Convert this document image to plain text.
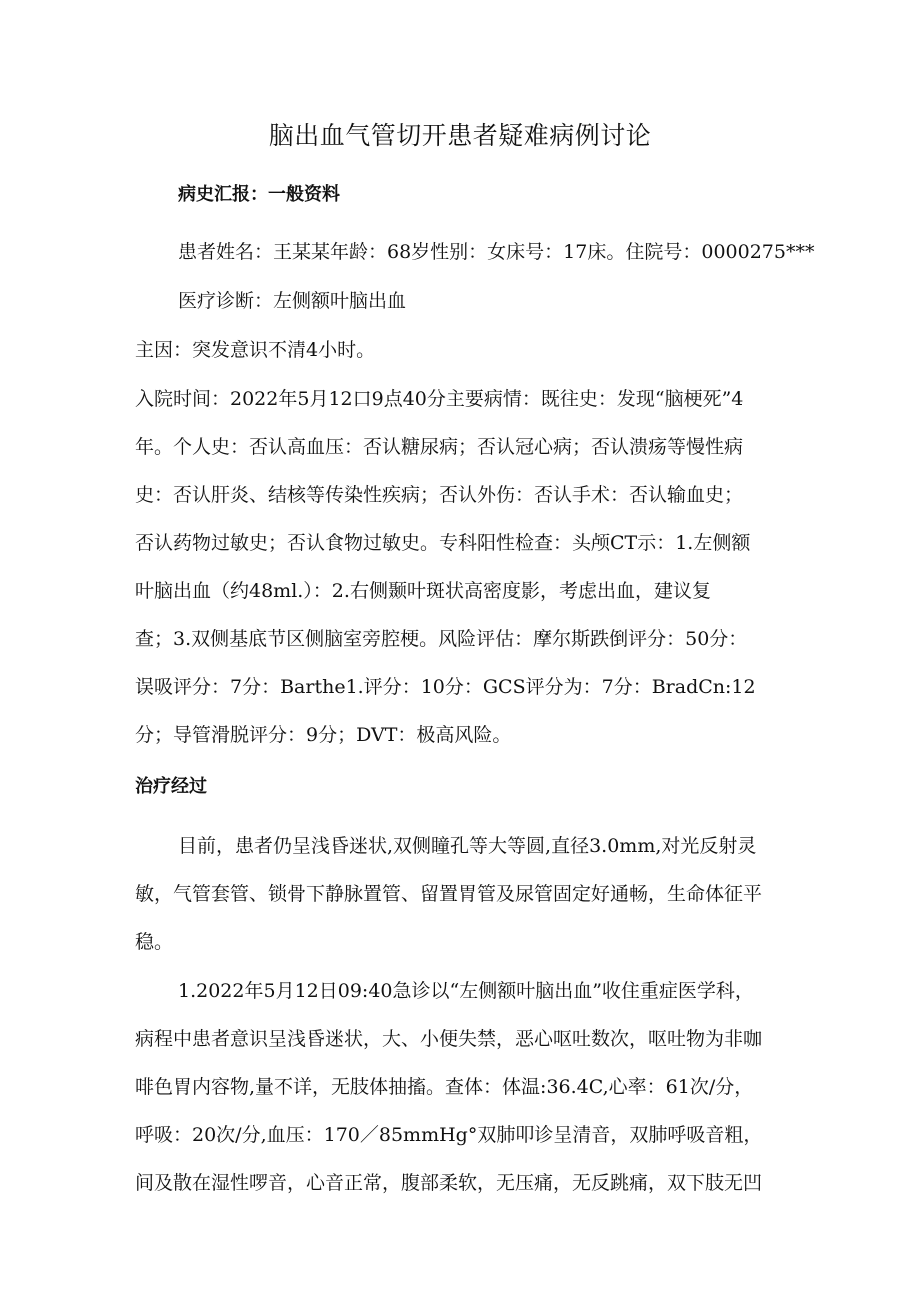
脑出血气管切开患者疑难病例讨论
病史汇报：一般资料

患者姓名：王某某年龄：68岁性别：女床号：17床。住院号：0000275***

医疗诊断：左侧额叶脑出血

主因：突发意识不清4小时。

入院时间：2022年5月12口9点40分主要病情：既往史：发现“脑梗死”4

年。个人史：否认高血压：否认糖尿病；否认冠心病；否认溃疡等慢性病

史：否认肝炎、结核等传染性疾病；否认外伤：否认手术：否认输血史；

否认药物过敏史；否认食物过敏史。专科阳性检查：头颅CT示：1.左侧额

叶脑出血（约48ml.）：2.右侧颞叶斑状高密度影，考虑出血，建议复

查；3.双侧基底节区侧脑室旁腔梗。风险评估：摩尔斯跌倒评分：50分：

误吸评分：7分：Barthe1.评分：10分：GCS评分为：7分：BradCn:12

分；导管滑脱评分：9分；DVT：极高风险。

治疗经过

目前，患者仍呈浅昏迷状,双侧瞳孔等大等圆,直径3.0mm,对光反射灵

敏，气管套管、锁骨下静脉置管、留置胃管及尿管固定好通畅，生命体征平

稳。

1.2022年5月12日09:40急诊以“左侧额叶脑出血”收住重症医学科，

病程中患者意识呈浅昏迷状，大、小便失禁，恶心呕吐数次，呕吐物为非咖

啡色胃内容物,量不详，无肢体抽搐。查体：体温:36.4C,心率：61次/分，

呼吸：20次/分,血压：170／85mmHg°双肺叩诊呈清音，双肺呼吸音粗，

间及散在湿性啰音，心音正常，腹部柔软，无压痛，无反跳痛，双下肢无凹
